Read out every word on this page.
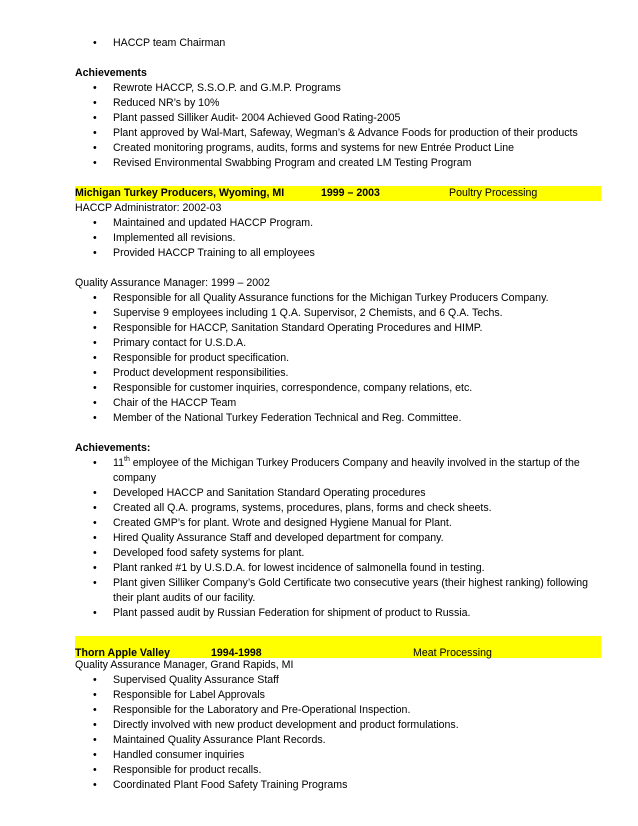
• HACCP team Chairman
Achievements
• Rewrote HACCP, S.S.O.P. and G.M.P. Programs
• Reduced NR’s by 10%
• Plant passed Silliker Audit- 2004 Achieved Good Rating-2005
• Plant approved by Wal-Mart, Safeway, Wegman’s & Advance Foods for production of their products
• Created monitoring programs, audits, forms and systems for new Entrée Product Line
• Revised Environmental Swabbing Program and created LM Testing Program
Michigan Turkey Producers, Wyoming, MI	1999 – 2003	Poultry Processing
HACCP Administrator: 2002-03
• Maintained and updated HACCP Program.
• Implemented all revisions.
• Provided HACCP Training to all employees
Quality Assurance Manager: 1999 – 2002
• Responsible for all Quality Assurance functions for the Michigan Turkey Producers Company.
• Supervise 9 employees including 1 Q.A. Supervisor, 2 Chemists, and 6 Q.A. Techs.
• Responsible for HACCP, Sanitation Standard Operating Procedures and HIMP.
• Primary contact for U.S.D.A.
• Responsible for product specification.
• Product development responsibilities.
• Responsible for customer inquiries, correspondence, company relations, etc.
• Chair of the HACCP Team
• Member of the National Turkey Federation Technical and Reg. Committee.
Achievements:
• 11th employee of the Michigan Turkey Producers Company and heavily involved in the startup of the company
• Developed HACCP and Sanitation Standard Operating procedures
• Created all Q.A. programs, systems, procedures, plans, forms and check sheets.
• Created GMP’s for plant. Wrote and designed Hygiene Manual for Plant.
• Hired Quality Assurance Staff and developed department for company.
• Developed food safety systems for plant.
• Plant ranked #1 by U.S.D.A. for lowest incidence of salmonella found in testing.
• Plant given Silliker Company’s Gold Certificate two consecutive years (their highest ranking) following their plant audits of our facility.
• Plant passed audit by Russian Federation for shipment of product to Russia.
Thorn Apple Valley	1994-1998	Meat Processing
Quality Assurance Manager, Grand Rapids, MI
• Supervised Quality Assurance Staff
• Responsible for Label Approvals
• Responsible for the Laboratory and Pre-Operational Inspection.
• Directly involved with new product development and product formulations.
• Maintained Quality Assurance Plant Records.
• Handled consumer inquiries
• Responsible for product recalls.
• Coordinated Plant Food Safety Training Programs
